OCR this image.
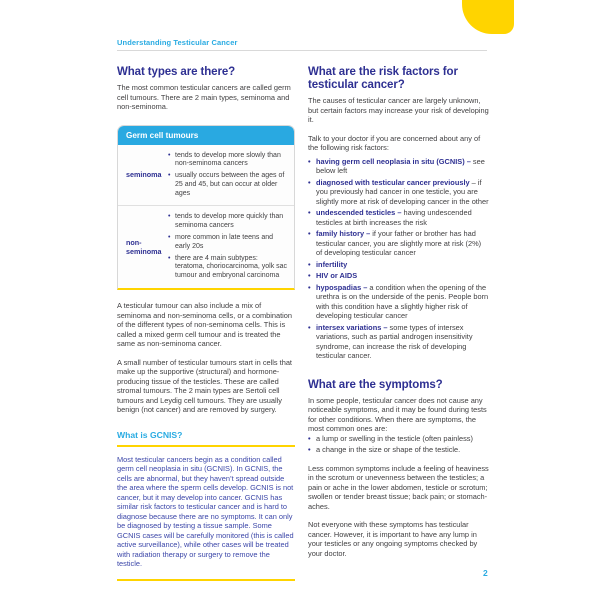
Understanding Testicular Cancer
What types are there?

The most common testicular cancers are called germ cell tumours. There are 2 main types, seminoma and non-seminoma.

Germ cell tumours
seminoma
• tends to develop more slowly than non-seminoma cancers
• usually occurs between the ages of 25 and 45, but can occur at older ages
non-seminoma
• tends to develop more quickly than seminoma cancers
• more common in late teens and early 20s
• there are 4 main subtypes: teratoma, choriocarcinoma, yolk sac tumour and embryonal carcinoma

A testicular tumour can also include a mix of seminoma and non-seminoma cells, or a combination of the different types of non-seminoma cells. This is called a mixed germ cell tumour and is treated the same as non-seminoma cancer.

A small number of testicular tumours start in cells that make up the supportive (structural) and hormone-producing tissue of the testicles. These are called stromal tumours. The 2 main types are Sertoli cell tumours and Leydig cell tumours. They are usually benign (not cancer) and are removed by surgery.

What is GCNIS?

Most testicular cancers begin as a condition called germ cell neoplasia in situ (GCNIS). In GCNIS, the cells are abnormal, but they haven’t spread outside the area where the sperm cells develop. GCNIS is not cancer, but it may develop into cancer. GCNIS has similar risk factors to testicular cancer and is hard to diagnose because there are no symptoms. It can only be diagnosed by testing a tissue sample. Some GCNIS cases will be carefully monitored (this is called active surveillance), while other cases will be treated with radiation therapy or surgery to remove the testicle.

What are the risk factors for testicular cancer?

The causes of testicular cancer are largely unknown, but certain factors may increase your risk of developing it.

Talk to your doctor if you are concerned about any of the following risk factors:

• having germ cell neoplasia in situ (GCNIS) – see below left
• diagnosed with testicular cancer previously – if you previously had cancer in one testicle, you are slightly more at risk of developing cancer in the other
• undescended testicles – having undescended testicles at birth increases the risk
• family history – if your father or brother has had testicular cancer, you are slightly more at risk (2%) of developing testicular cancer
• infertility
• HIV or AIDS
• hypospadias – a condition when the opening of the urethra is on the underside of the penis. People born with this condition have a slightly higher risk of developing testicular cancer
• intersex variations – some types of intersex variations, such as partial androgen insensitivity syndrome, can increase the risk of developing testicular cancer.
What are the symptoms?

In some people, testicular cancer does not cause any noticeable symptoms, and it may be found during tests for other conditions. When there are symptoms, the most common ones are:

• a lump or swelling in the testicle (often painless)
• a change in the size or shape of the testicle.

Less common symptoms include a feeling of heaviness in the scrotum or unevenness between the testicles; a pain or ache in the lower abdomen, testicle or scrotum; swollen or tender breast tissue; back pain; or stomach-aches.

Not everyone with these symptoms has testicular cancer. However, it is important to have any lump in your testicles or any ongoing symptoms checked by your doctor.

2
